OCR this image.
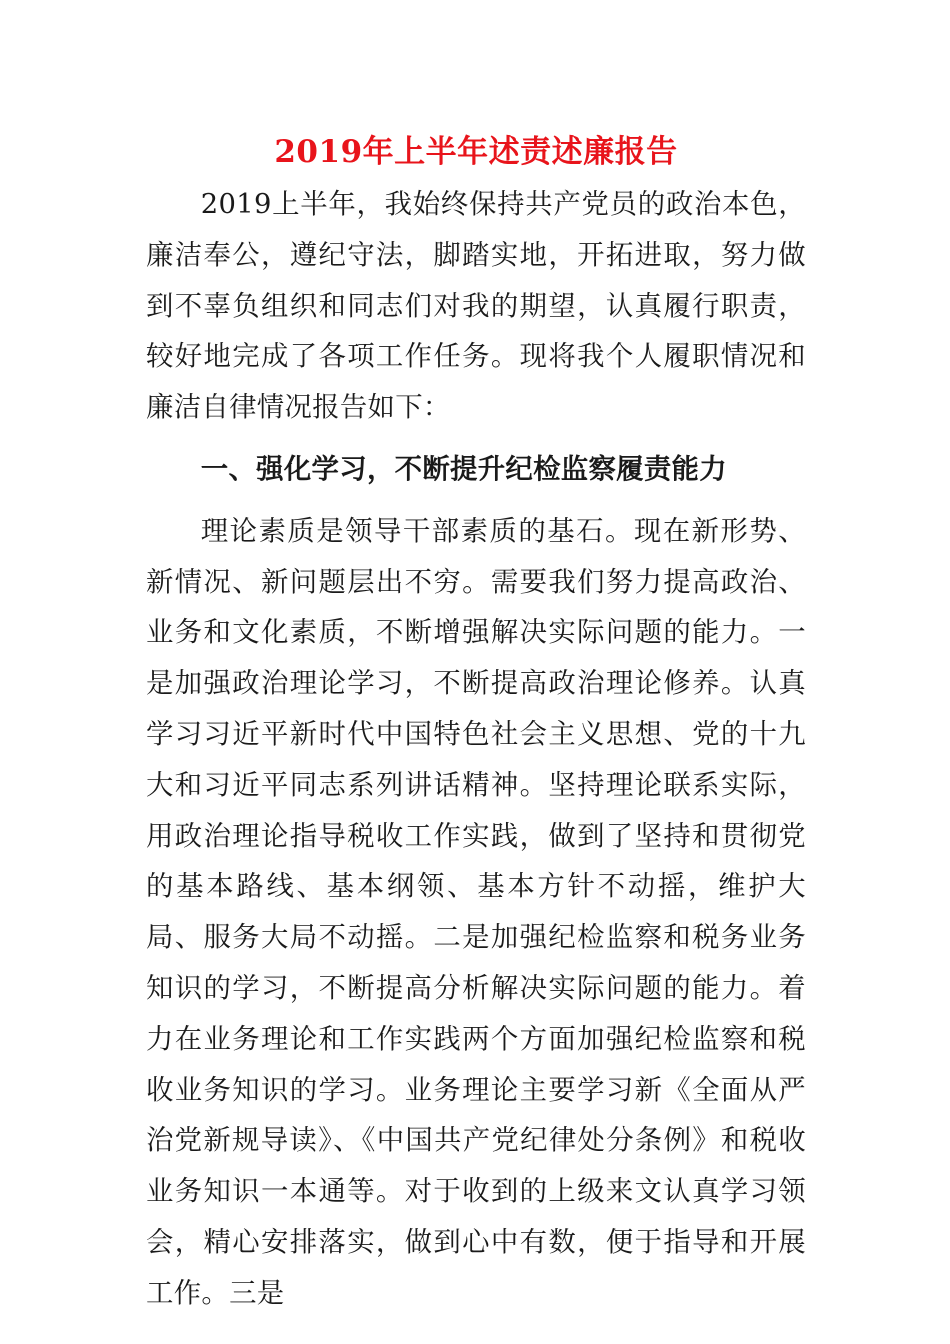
2019年上半年述责述廉报告

2019上半年，我始终保持共产党员的政治本色，廉洁奉公，遵纪守法，脚踏实地，开拓进取，努力做到不辜负组织和同志们对我的期望，认真履行职责，较好地完成了各项工作任务。现将我个人履职情况和廉洁自律情况报告如下：

一、强化学习，不断提升纪检监察履责能力

理论素质是领导干部素质的基石。现在新形势、新情况、新问题层出不穷。需要我们努力提高政治、业务和文化素质，不断增强解决实际问题的能力。一是加强政治理论学习，不断提高政治理论修养。认真学习习近平新时代中国特色社会主义思想、党的十九大和习近平同志系列讲话精神。坚持理论联系实际，用政治理论指导税收工作实践，做到了坚持和贯彻党的基本路线、基本纲领、基本方针不动摇，维护大局、服务大局不动摇。二是加强纪检监察和税务业务知识的学习，不断提高分析解决实际问题的能力。着力在业务理论和工作实践两个方面加强纪检监察和税收业务知识的学习。业务理论主要学习新《全面从严治党新规导读》、《中国共产党纪律处分条例》和税收业务知识一本通等。对于收到的上级来文认真学习领会，精心安排落实，做到心中有数，便于指导和开展工作。三是
